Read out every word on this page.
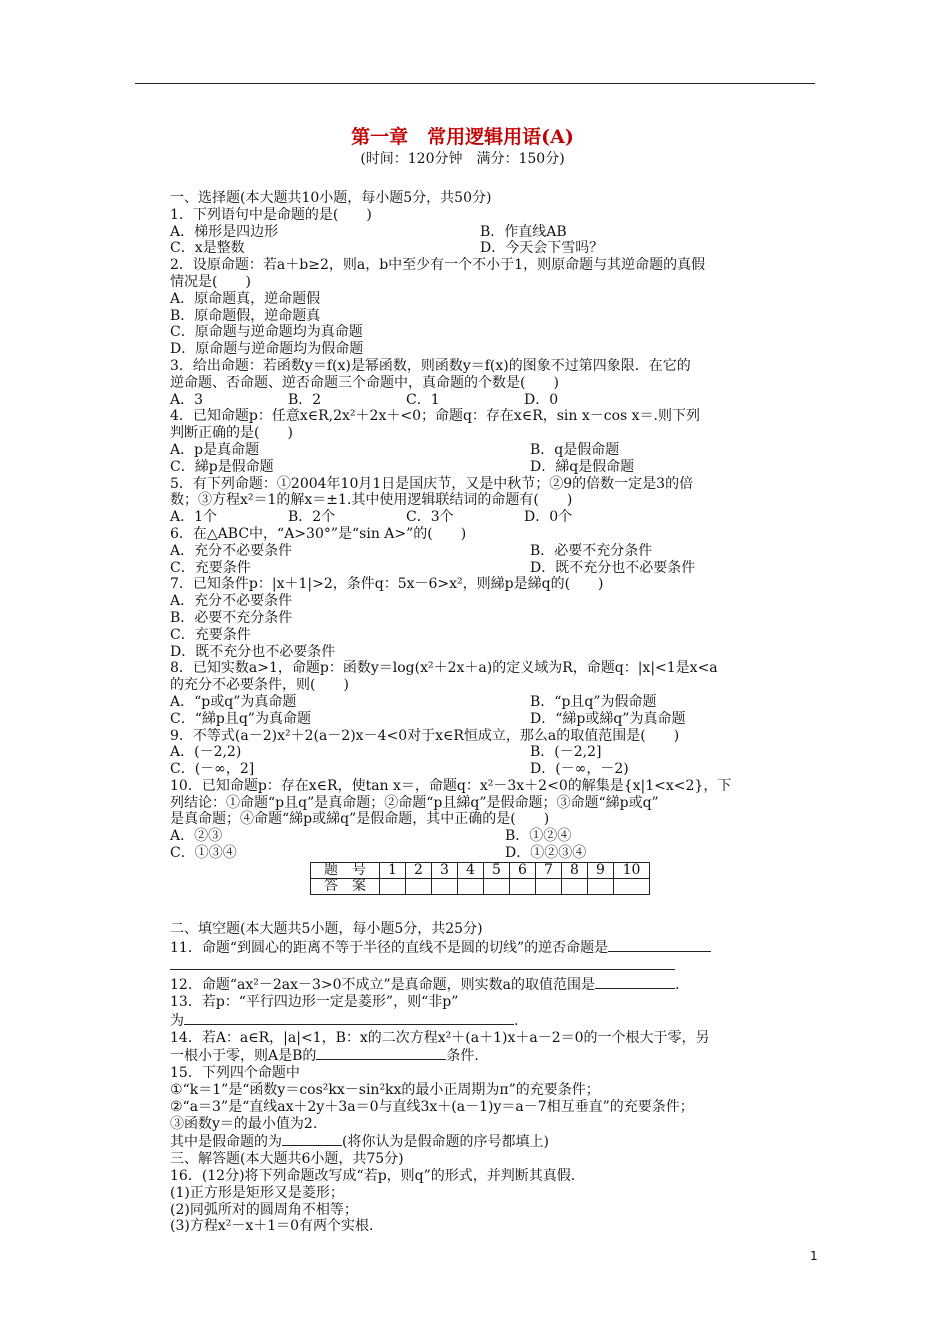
第一章　常用逻辑用语(A)
(时间：120分钟　满分：150分)
一、选择题(本大题共10小题，每小题5分，共50分)
1．下列语句中是命题的是(　　)
A．梯形是四边形	B．作直线AB
C．x是整数	D．今天会下雪吗？
2．设原命题：若a＋b≥2，则a，b中至少有一个不小于1，则原命题与其逆命题的真假
情况是(　　)
A．原命题真，逆命题假
B．原命题假，逆命题真
C．原命题与逆命题均为真命题
D．原命题与逆命题均为假命题
3．给出命题：若函数y＝f(x)是幂函数，则函数y＝f(x)的图象不过第四象限．在它的
逆命题、否命题、逆否命题三个命题中，真命题的个数是(　　)
A．3	B．2	C．1	D．0
4．已知命题p：任意x∈R,2x²＋2x＋<0；命题q：存在x∈R，sin x－cos x＝.则下列
判断正确的是(　　)
A．p是真命题	B．q是假命题
C．綈p是假命题	D．綈q是假命题
5．有下列命题：①2004年10月1日是国庆节，又是中秋节；②9的倍数一定是3的倍
数；③方程x²＝1的解x＝±1.其中使用逻辑联结词的命题有(　　)
A．1个	B．2个	C．3个	D．0个
6．在△ABC中，“A>30°”是“sin A>”的(　　)
A．充分不必要条件	B．必要不充分条件
C．充要条件	D．既不充分也不必要条件
7．已知条件p：|x＋1|>2，条件q：5x－6>x²，则綈p是綈q的(　　)
A．充分不必要条件
B．必要不充分条件
C．充要条件
D．既不充分也不必要条件
8．已知实数a>1，命题p：函数y＝log(x²＋2x＋a)的定义域为R，命题q：|x|<1是x<a
的充分不必要条件，则(　　)
A．“p或q”为真命题	B．“p且q”为假命题
C．“綈p且q”为真命题	D．“綈p或綈q”为真命题
9．不等式(a－2)x²＋2(a－2)x－4<0对于x∈R恒成立，那么a的取值范围是(　　)
A．(－2,2)	B．(－2,2]
C．(－∞，2]	D．(－∞，－2)
10．已知命题p：存在x∈R，使tan x＝，命题q：x²－3x＋2<0的解集是{x|1<x<2}，下
列结论：①命题“p且q”是真命题；②命题“p且綈q”是假命题；③命题“綈p或q”
是真命题；④命题“綈p或綈q”是假命题，其中正确的是(　　)
A．②③	B．①②④
C．①③④	D．①②③④
题　号	1	2	3	4	5	6	7	8	9	10
答　案										
二、填空题(本大题共5小题，每小题5分，共25分)
11．命题“到圆心的距离不等于半径的直线不是圆的切线”的逆否命题是
12．命题“ax²－2ax－3>0不成立”是真命题，则实数a的取值范围是	.
13．若p：“平行四边形一定是菱形”，则“非p”
为	.
14．若A：a∈R，|a|<1，B：x的二次方程x²＋(a＋1)x＋a－2＝0的一个根大于零，另
一根小于零，则A是B的	条件.
15．下列四个命题中
①“k＝1”是“函数y＝cos²kx－sin²kx的最小正周期为π”的充要条件；
②“a＝3”是“直线ax＋2y＋3a＝0与直线3x＋(a－1)y＝a－7相互垂直”的充要条件；
③函数y＝的最小值为2.
其中是假命题的为	(将你认为是假命题的序号都填上)
三、解答题(本大题共6小题，共75分)
16．(12分)将下列命题改写成“若p，则q”的形式，并判断其真假.
(1)正方形是矩形又是菱形；
(2)同弧所对的圆周角不相等；
(3)方程x²－x＋1＝0有两个实根.
1
